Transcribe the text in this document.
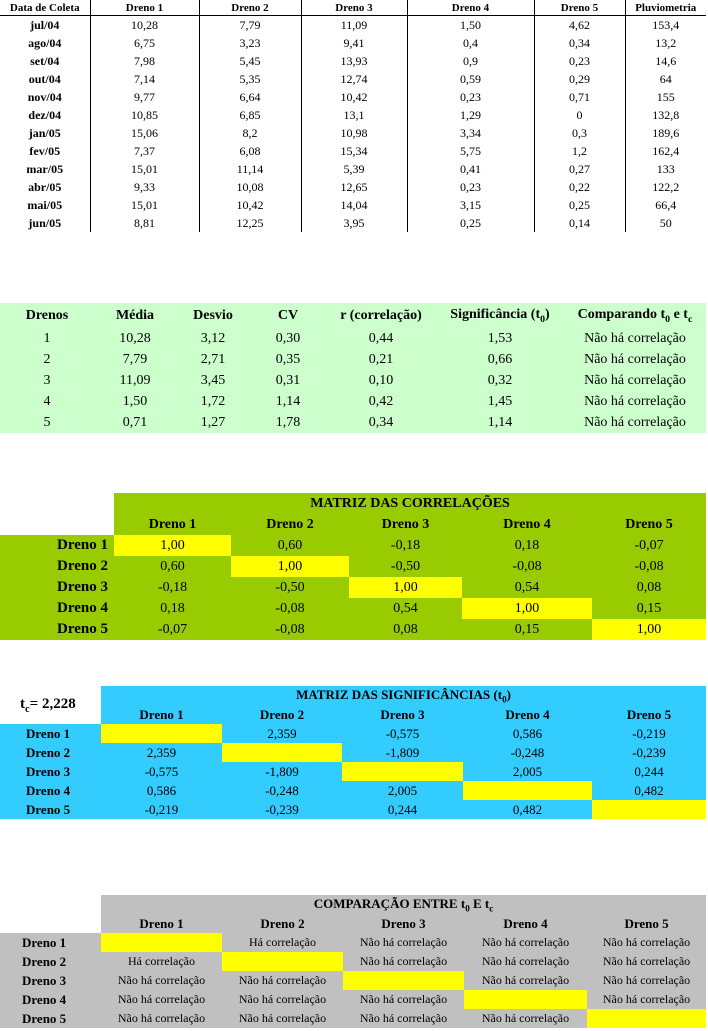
Data de Coleta	Dreno 1	Dreno 2	Dreno 3	Dreno 4	Dreno 5	Pluviometria
jul/04	10,28	7,79	11,09	1,50	4,62	153,4
ago/04	6,75	3,23	9,41	0,4	0,34	13,2
set/04	7,98	5,45	13,93	0,9	0,23	14,6
out/04	7,14	5,35	12,74	0,59	0,29	64
nov/04	9,77	6,64	10,42	0,23	0,71	155
dez/04	10,85	6,85	13,1	1,29	0	132,8
jan/05	15,06	8,2	10,98	3,34	0,3	189,6
fev/05	7,37	6,08	15,34	5,75	1,2	162,4
mar/05	15,01	11,14	5,39	0,41	0,27	133
abr/05	9,33	10,08	12,65	0,23	0,22	122,2
mai/05	15,01	10,42	14,04	3,15	0,25	66,4
jun/05	8,81	12,25	3,95	0,25	0,14	50
Drenos	Média	Desvio	CV	r (correlação)	Significância $(t_0)$	Comparando $t_0$ e $t_c$
1	10,28	3,12	0,30	0,44	1,53	Não há correlação
2	7,79	2,71	0,35	0,21	0,66	Não há correlação
3	11,09	3,45	0,31	0,10	0,32	Não há correlação
4	1,50	1,72	1,14	0,42	1,45	Não há correlação
5	0,71	1,27	1,78	0,34	1,14	Não há correlação
	MATRIZ DAS CORRELAÇÕES				
	Dreno 1	Dreno 2	Dreno 3	Dreno 4	Dreno 5
Dreno 1	1,00	0,60	-0,18	0,18	-0,07
Dreno 2	0,60	1,00	-0,50	-0,08	-0,08
Dreno 3	-0,18	-0,50	1,00	0,54	0,08
Dreno 4	0,18	-0,08	0,54	1,00	0,15
Dreno 5	-0,07	-0,08	0,08	0,15	1,00
$t_c= 2,228$	MATRIZ DAS SIGNIFICÂNCIAS $(t_0)$				
	Dreno 1	Dreno 2	Dreno 3	Dreno 4	Dreno 5
Dreno 1		2,359	-0,575	0,586	-0,219
Dreno 2	2,359		-1,809	-0,248	-0,239
Dreno 3	-0,575	-1,809		2,005	0,244
Dreno 4	0,586	-0,248	2,005		0,482
Dreno 5	-0,219	-0,239	0,244	0,482	
	COMPARAÇÃO ENTRE $t_0$ E $t_c$
	Dreno 1	Dreno 2	Dreno 3	Dreno 4	Dreno 5
Dreno 1		Há correlação	Não há correlação	Não há correlação	Não há correlação
Dreno 2	Há correlação		Não há correlação	Não há correlação	Não há correlação
Dreno 3	Não há correlação	Não há correlação		Não há correlação	Não há correlação
Dreno 4	Não há correlação	Não há correlação	Não há correlação		Não há correlação
Dreno 5	Não há correlação	Não há correlação	Não há correlação	Não há correlação	
